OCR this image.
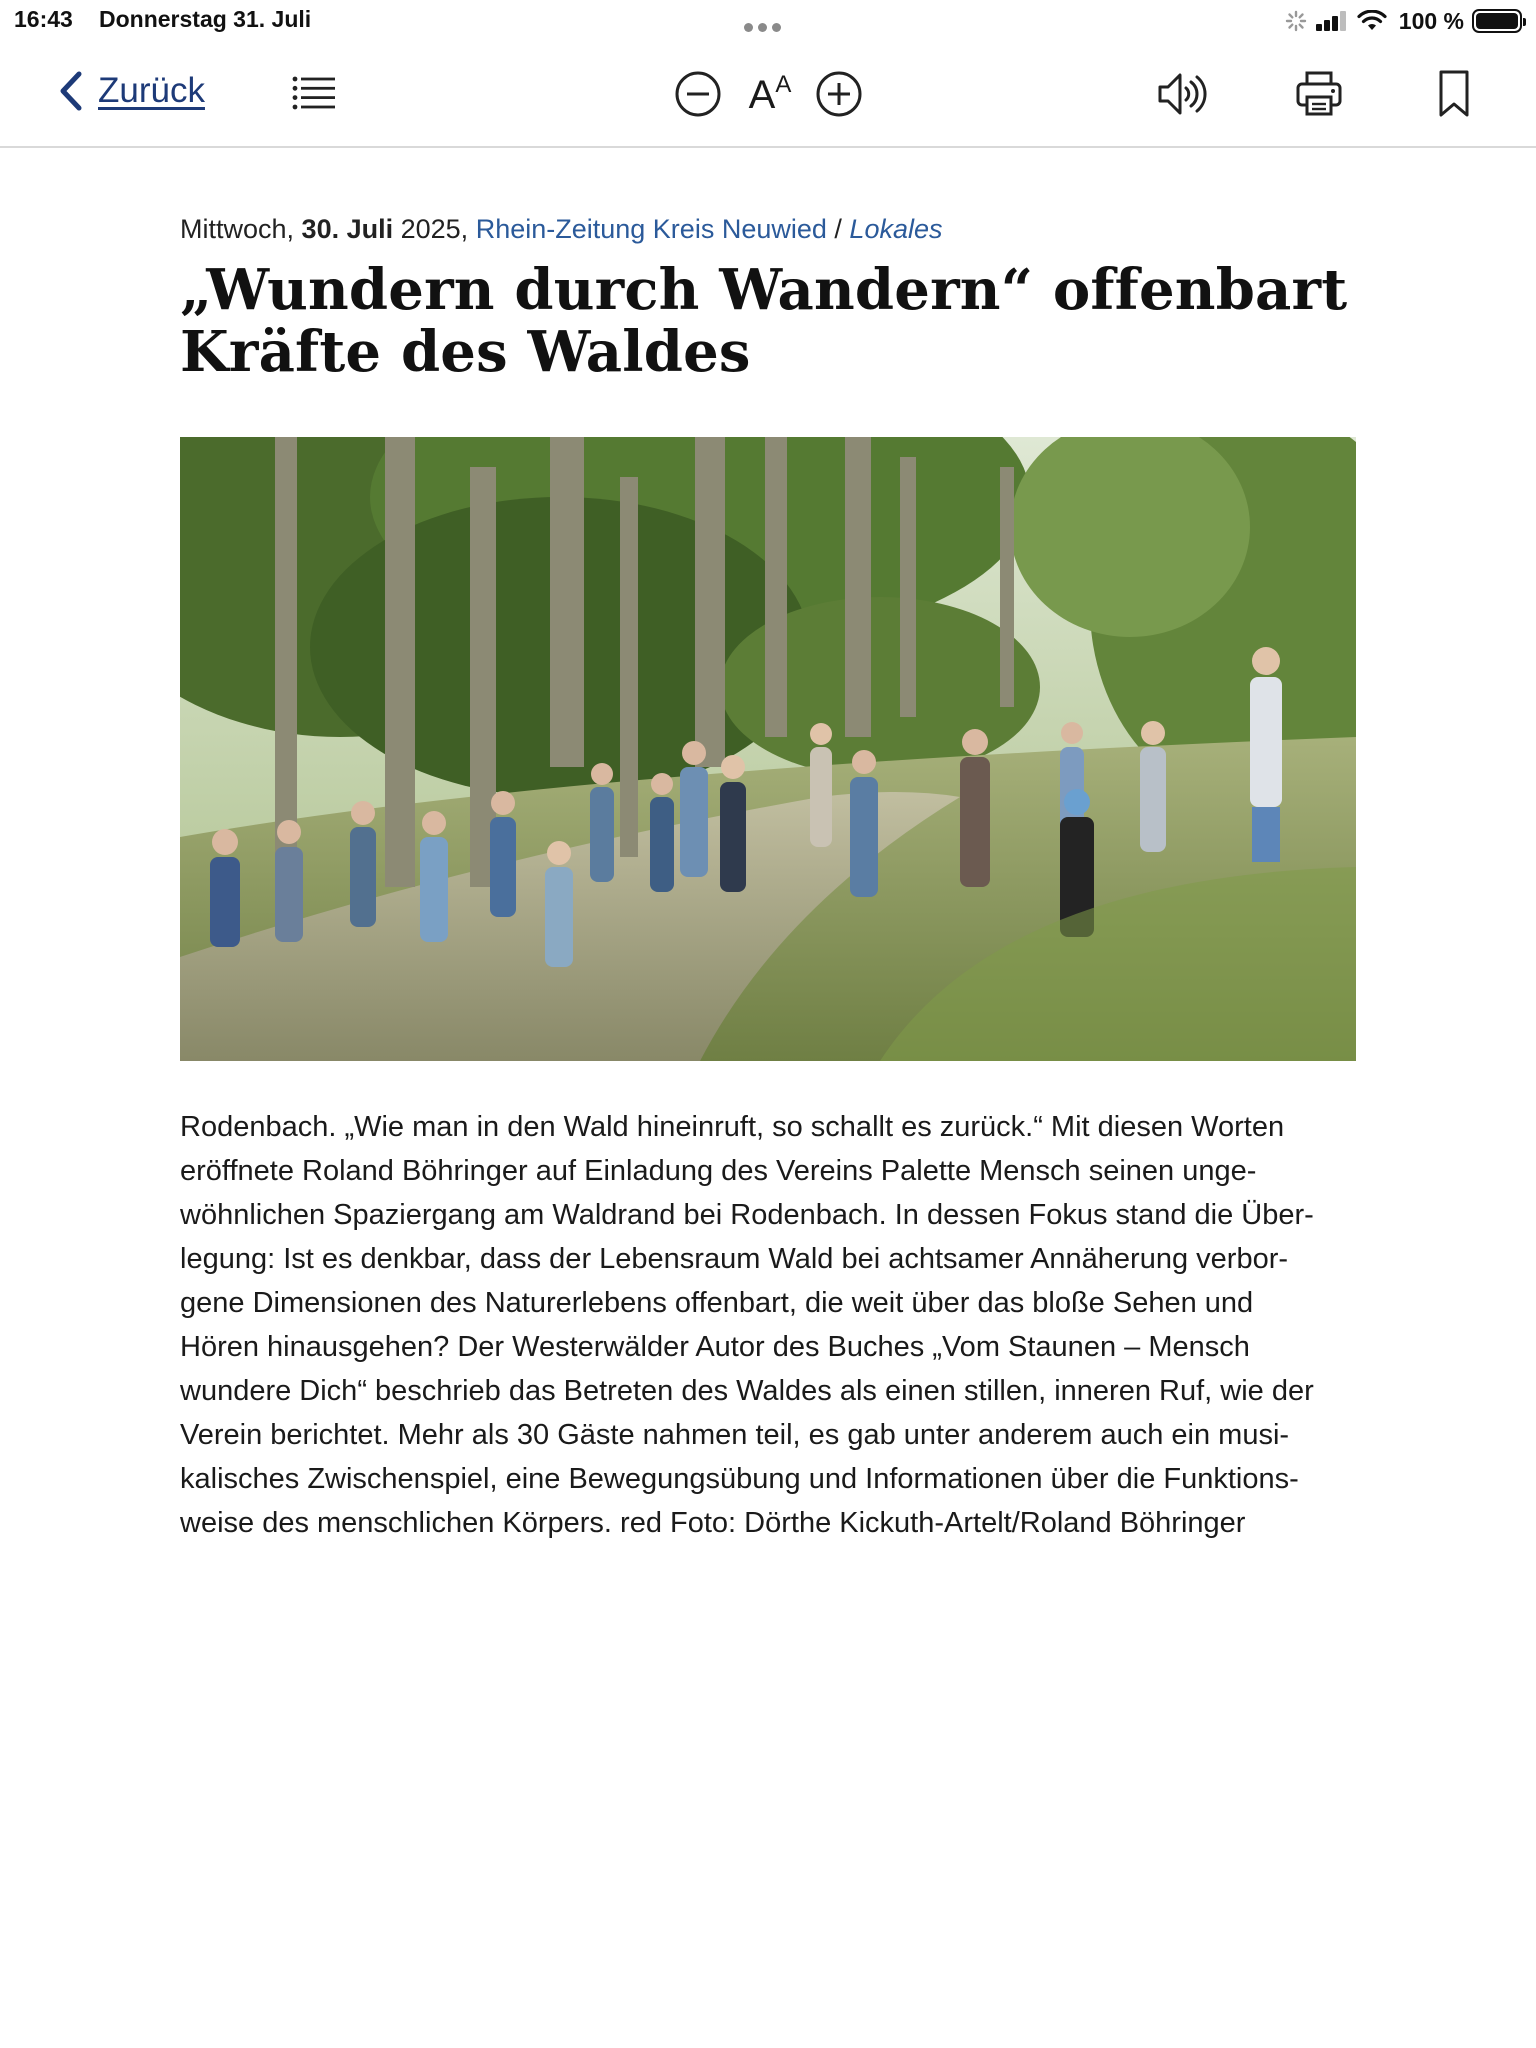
16:43 Donnerstag 31. Juli	100 %
Zurück	$A^A$
Mittwoch, 30. Juli 2025, Rhein-Zeitung Kreis Neuwied / Lokales
„Wundern durch Wandern“ offenbart
Kräfte des Waldes
Rodenbach. „Wie man in den Wald hineinruft, so schallt es zurück.“ Mit diesen Worten
eröffnete Roland Böhringer auf Einladung des Vereins Palette Mensch seinen unge-
wöhnlichen Spaziergang am Waldrand bei Rodenbach. In dessen Fokus stand die Über-
legung: Ist es denkbar, dass der Lebensraum Wald bei achtsamer Annäherung verbor-
gene Dimensionen des Naturerlebens offenbart, die weit über das bloße Sehen und
Hören hinausgehen? Der Westerwälder Autor des Buches „Vom Staunen – Mensch
wundere Dich“ beschrieb das Betreten des Waldes als einen stillen, inneren Ruf, wie der
Verein berichtet. Mehr als 30 Gäste nahmen teil, es gab unter anderem auch ein musi-
kalisches Zwischenspiel, eine Bewegungsübung und Informationen über die Funktions-
weise des menschlichen Körpers. red Foto: Dörthe Kickuth-Artelt/Roland Böhringer
